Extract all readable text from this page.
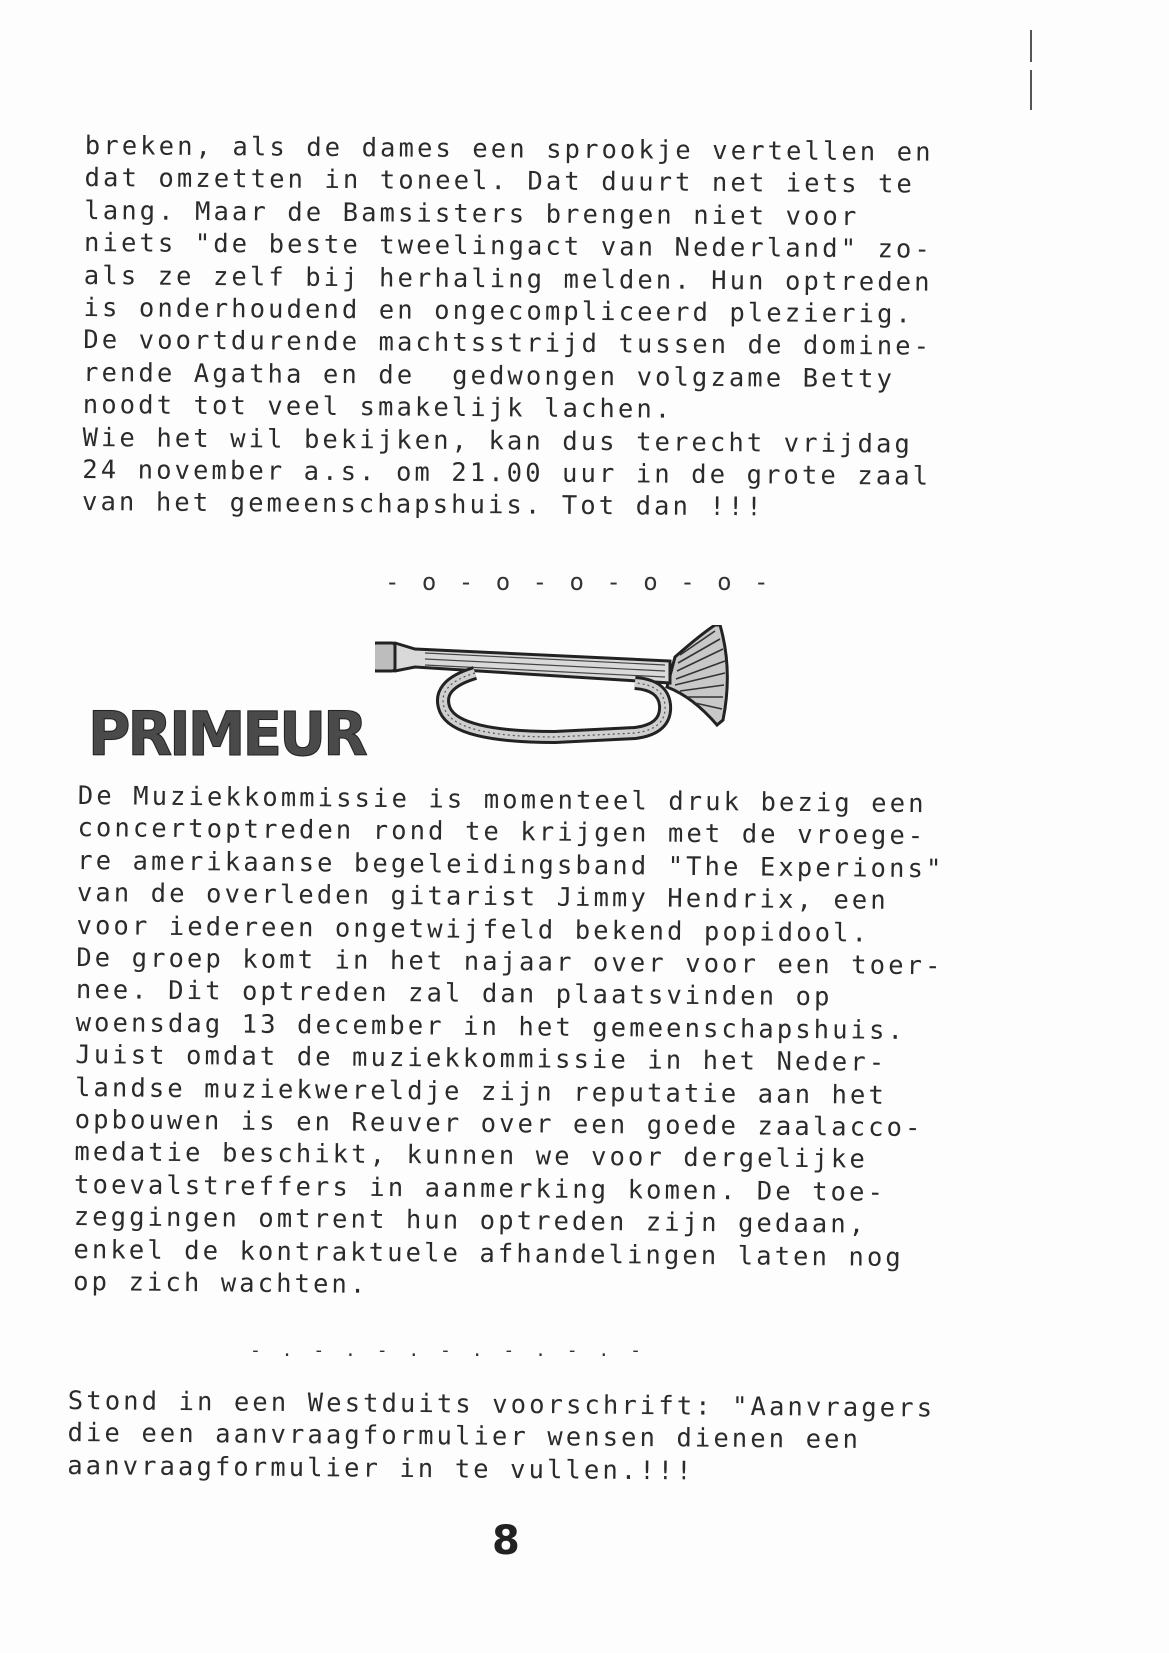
breken, als de dames een sprookje vertellen en
dat omzetten in toneel. Dat duurt net iets te
lang. Maar de Bamsisters brengen niet voor
niets "de beste tweelingact van Nederland" zo-
als ze zelf bij herhaling melden. Hun optreden
is onderhoudend en ongecompliceerd plezierig.
De voortdurende machtsstrijd tussen de domine-
rende Agatha en de  gedwongen volgzame Betty
noodt tot veel smakelijk lachen.
Wie het wil bekijken, kan dus terecht vrijdag
24 november a.s. om 21.00 uur in de grote zaal
van het gemeenschapshuis. Tot dan !!!
- o - o - o - o - o -
PRIMEUR
De Muziekkommissie is momenteel druk bezig een
concertoptreden rond te krijgen met de vroege-
re amerikaanse begeleidingsband "The Experions"
van de overleden gitarist Jimmy Hendrix, een
voor iedereen ongetwijfeld bekend popidool.
De groep komt in het najaar over voor een toer-
nee. Dit optreden zal dan plaatsvinden op
woensdag 13 december in het gemeenschapshuis.
Juist omdat de muziekkommissie in het Neder-
landse muziekwereldje zijn reputatie aan het
opbouwen is en Reuver over een goede zaalacco-
medatie beschikt, kunnen we voor dergelijke
toevalstreffers in aanmerking komen. De toe-
zeggingen omtrent hun optreden zijn gedaan,
enkel de kontraktuele afhandelingen laten nog
op zich wachten.
- . - . - . - . - . - . -
Stond in een Westduits voorschrift: "Aanvragers
die een aanvraagformulier wensen dienen een
aanvraagformulier in te vullen.!!!
8
